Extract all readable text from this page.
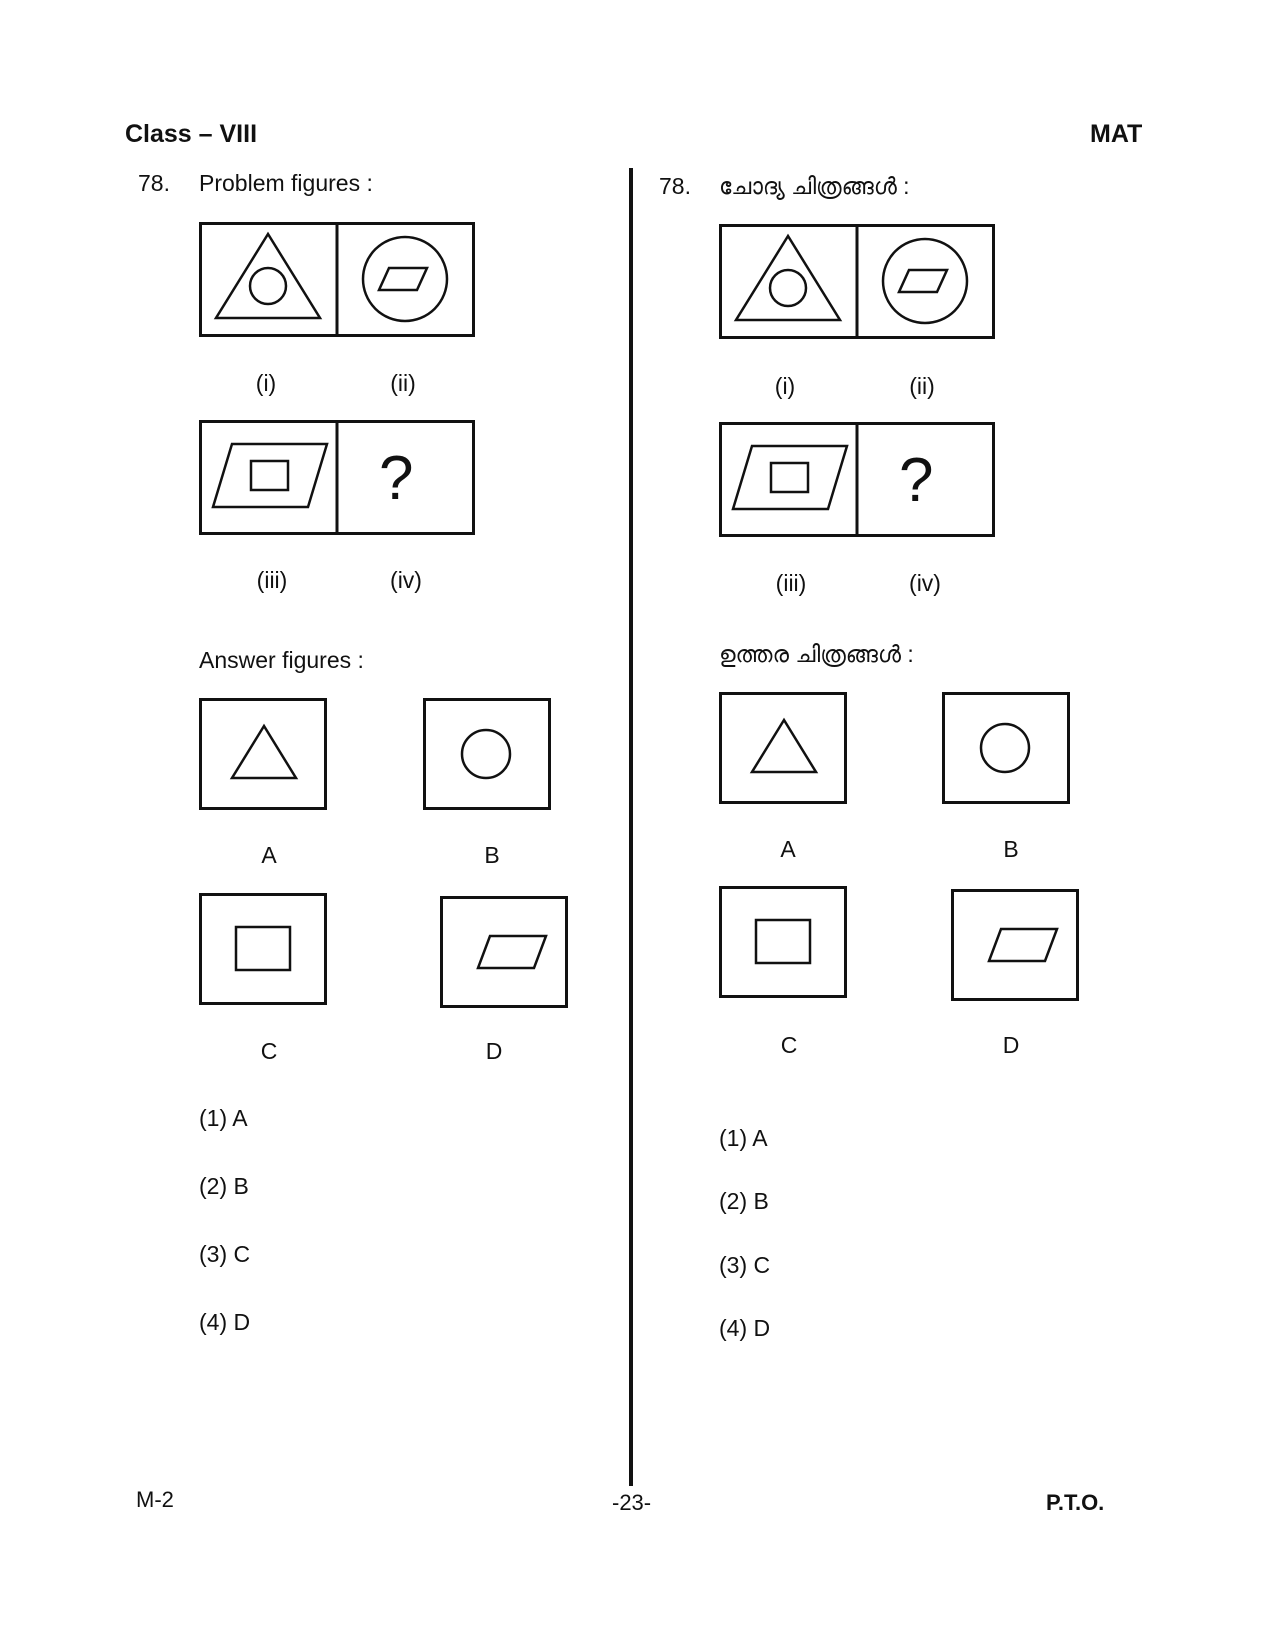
Class – VIII	MAT
78. Problem figures :
(i)	(ii)
?
(iii)	(iv)
Answer figures :
A	B
C	D
(1) A
(2) B
(3) C
(4) D
78. ചോദ്യ ചിത്രങ്ങൾ :
(i)	(ii)
?
(iii)	(iv)
ഉത്തര ചിത്രങ്ങൾ :
A	B
C	D
(1) A
(2) B
(3) C
(4) D
M-2	-23-	P.T.O.
